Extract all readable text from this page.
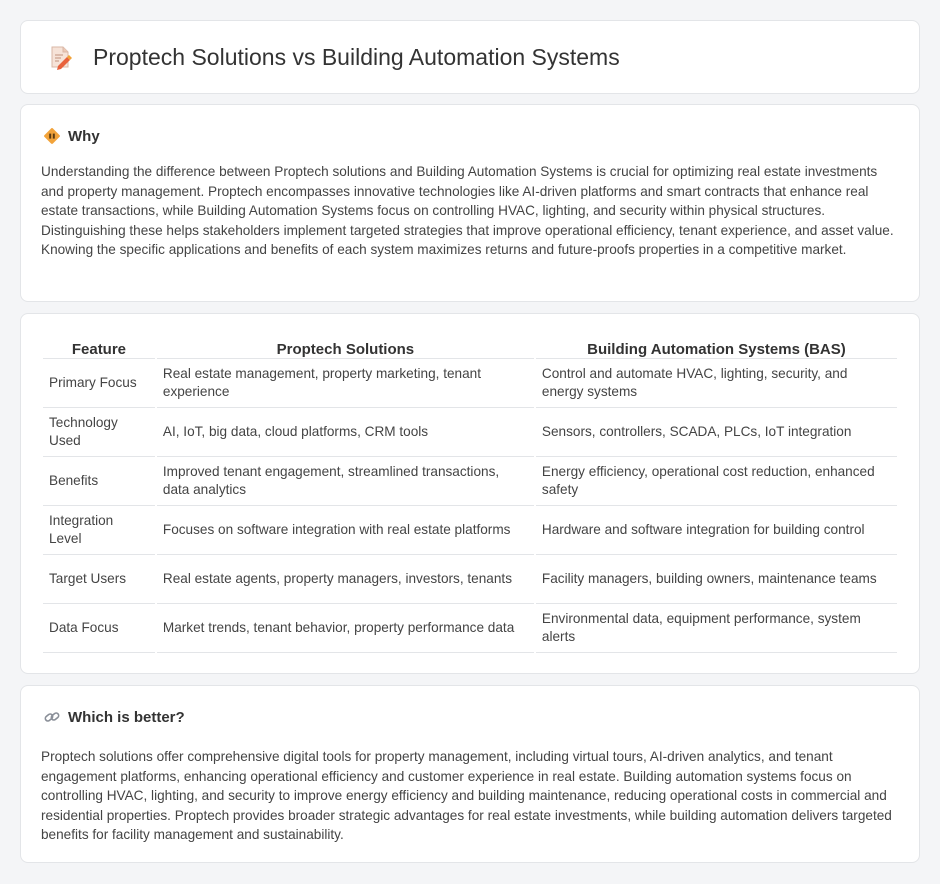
Proptech Solutions vs Building Automation Systems
Why

Understanding the difference between Proptech solutions and Building Automation Systems is crucial for optimizing real estate investments and property management. Proptech encompasses innovative technologies like AI-driven platforms and smart contracts that enhance real estate transactions, while Building Automation Systems focus on controlling HVAC, lighting, and security within physical structures. Distinguishing these helps stakeholders implement targeted strategies that improve operational efficiency, tenant experience, and asset value. Knowing the specific applications and benefits of each system maximizes returns and future-proofs properties in a competitive market.

Feature	Proptech Solutions	Building Automation Systems (BAS)
Primary Focus	Real estate management, property marketing, tenant experience	Control and automate HVAC, lighting, security, and energy systems
Technology Used	AI, IoT, big data, cloud platforms, CRM tools	Sensors, controllers, SCADA, PLCs, IoT integration
Benefits	Improved tenant engagement, streamlined transactions, data analytics	Energy efficiency, operational cost reduction, enhanced safety
Integration Level	Focuses on software integration with real estate platforms	Hardware and software integration for building control
Target Users	Real estate agents, property managers, investors, tenants	Facility managers, building owners, maintenance teams
Data Focus	Market trends, tenant behavior, property performance data	Environmental data, equipment performance, system alerts
Which is better?

Proptech solutions offer comprehensive digital tools for property management, including virtual tours, AI-driven analytics, and tenant engagement platforms, enhancing operational efficiency and customer experience in real estate. Building automation systems focus on controlling HVAC, lighting, and security to improve energy efficiency and building maintenance, reducing operational costs in commercial and residential properties. Proptech provides broader strategic advantages for real estate investments, while building automation delivers targeted benefits for facility management and sustainability.
